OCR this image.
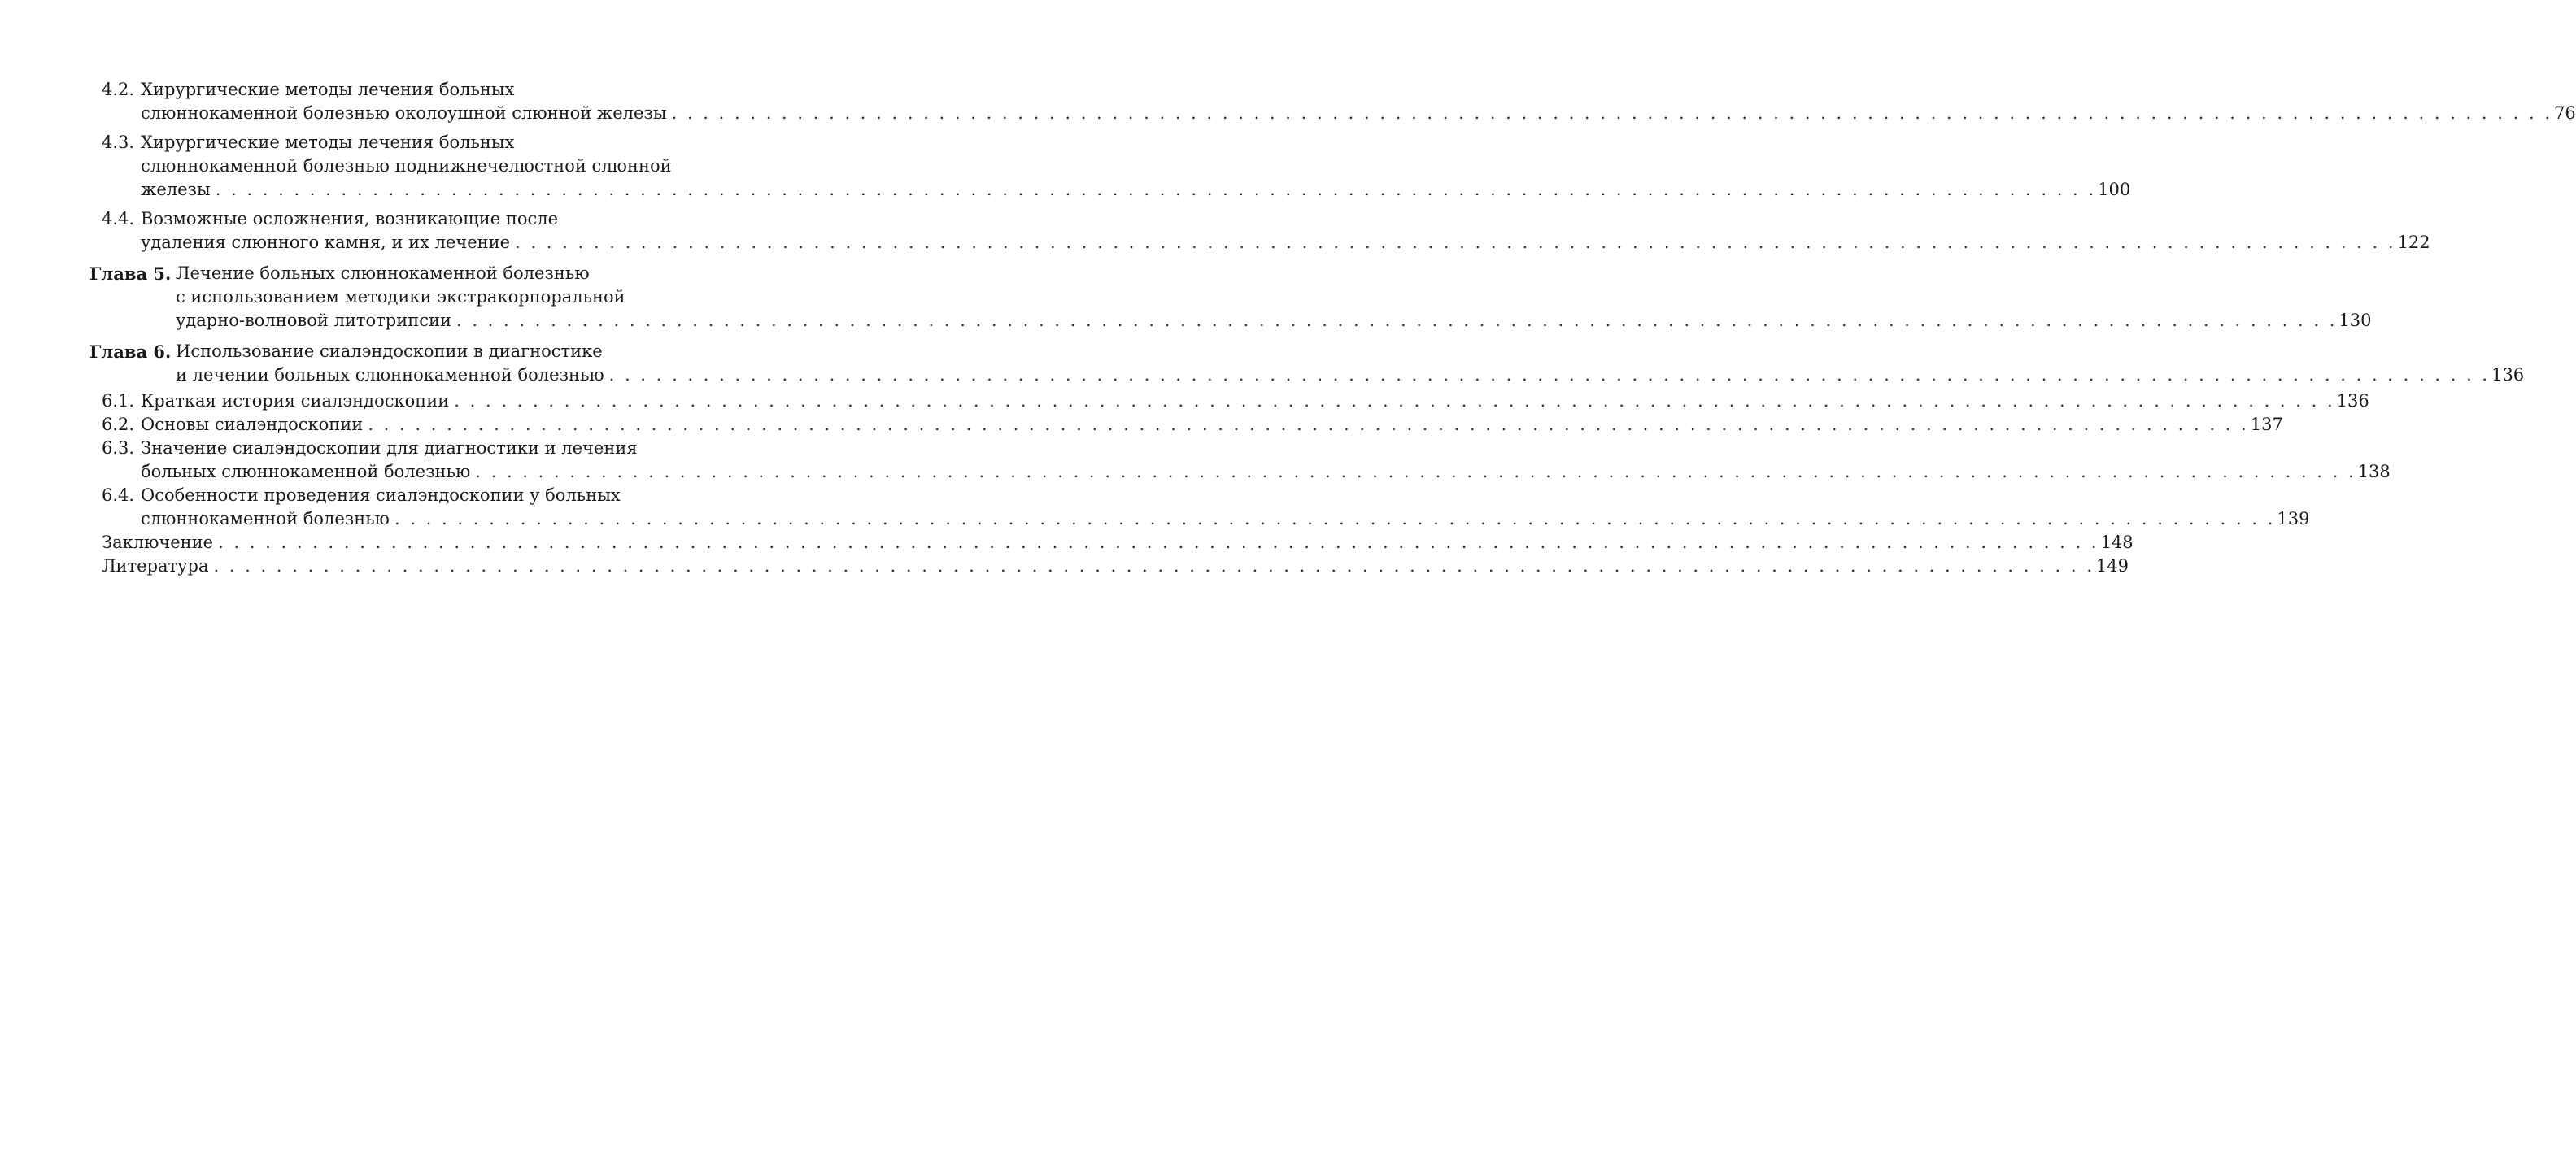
4.2. Хирургические методы лечения больных
слюннокаменной болезнью околоушной слюнной железы . . . . . . . . . . . . . . . . . . . . . . . . . . . . . . . . . . . . . . . . . . . . . . . . . . . . . . . . . . . . . . . . . . . . . . . . . . . . . . . . . . . . . . . . . . . . . . . . . . . . . . . . . . . . . . . . . . . . . . . . 76
4.3. Хирургические методы лечения больных
слюннокаменной болезнью поднижнечелюстной слюнной
железы . . . . . . . . . . . . . . . . . . . . . . . . . . . . . . . . . . . . . . . . . . . . . . . . . . . . . . . . . . . . . . . . . . . . . . . . . . . . . . . . . . . . . . . . . . . . . . . . . . . . . . . . . . . . . . . . . . . . . . . . 100
4.4. Возможные осложнения, возникающие после
удаления слюнного камня, и их лечение . . . . . . . . . . . . . . . . . . . . . . . . . . . . . . . . . . . . . . . . . . . . . . . . . . . . . . . . . . . . . . . . . . . . . . . . . . . . . . . . . . . . . . . . . . . . . . . . . . . . . . . . . . . . . . . . . . . . . . . . 122
Глава 5. Лечение больных слюннокаменной болезнью
с использованием методики экстракорпоральной
ударно-волновой литотрипсии . . . . . . . . . . . . . . . . . . . . . . . . . . . . . . . . . . . . . . . . . . . . . . . . . . . . . . . . . . . . . . . . . . . . . . . . . . . . . . . . . . . . . . . . . . . . . . . . . . . . . . . . . . . . . . . . . . . . . . . . 130
Глава 6. Использование сиалэндоскопии в диагностике
и лечении больных слюннокаменной болезнью . . . . . . . . . . . . . . . . . . . . . . . . . . . . . . . . . . . . . . . . . . . . . . . . . . . . . . . . . . . . . . . . . . . . . . . . . . . . . . . . . . . . . . . . . . . . . . . . . . . . . . . . . . . . . . . . . . . . . . . . 136
6.1. Краткая история сиалэндоскопии . . . . . . . . . . . . . . . . . . . . . . . . . . . . . . . . . . . . . . . . . . . . . . . . . . . . . . . . . . . . . . . . . . . . . . . . . . . . . . . . . . . . . . . . . . . . . . . . . . . . . . . . . . . . . . . . . . . . . . . . 136
6.2. Основы сиалэндоскопии . . . . . . . . . . . . . . . . . . . . . . . . . . . . . . . . . . . . . . . . . . . . . . . . . . . . . . . . . . . . . . . . . . . . . . . . . . . . . . . . . . . . . . . . . . . . . . . . . . . . . . . . . . . . . . . . . . . . . . . . 137
6.3. Значение сиалэндоскопии для диагностики и лечения
больных слюннокаменной болезнью . . . . . . . . . . . . . . . . . . . . . . . . . . . . . . . . . . . . . . . . . . . . . . . . . . . . . . . . . . . . . . . . . . . . . . . . . . . . . . . . . . . . . . . . . . . . . . . . . . . . . . . . . . . . . . . . . . . . . . . . 138
6.4. Особенности проведения сиалэндоскопии у больных
слюннокаменной болезнью . . . . . . . . . . . . . . . . . . . . . . . . . . . . . . . . . . . . . . . . . . . . . . . . . . . . . . . . . . . . . . . . . . . . . . . . . . . . . . . . . . . . . . . . . . . . . . . . . . . . . . . . . . . . . . . . . . . . . . . . 139
Заключение . . . . . . . . . . . . . . . . . . . . . . . . . . . . . . . . . . . . . . . . . . . . . . . . . . . . . . . . . . . . . . . . . . . . . . . . . . . . . . . . . . . . . . . . . . . . . . . . . . . . . . . . . . . . . . . . . . . . . . . . 148
Литература . . . . . . . . . . . . . . . . . . . . . . . . . . . . . . . . . . . . . . . . . . . . . . . . . . . . . . . . . . . . . . . . . . . . . . . . . . . . . . . . . . . . . . . . . . . . . . . . . . . . . . . . . . . . . . . . . . . . . . . . 149
